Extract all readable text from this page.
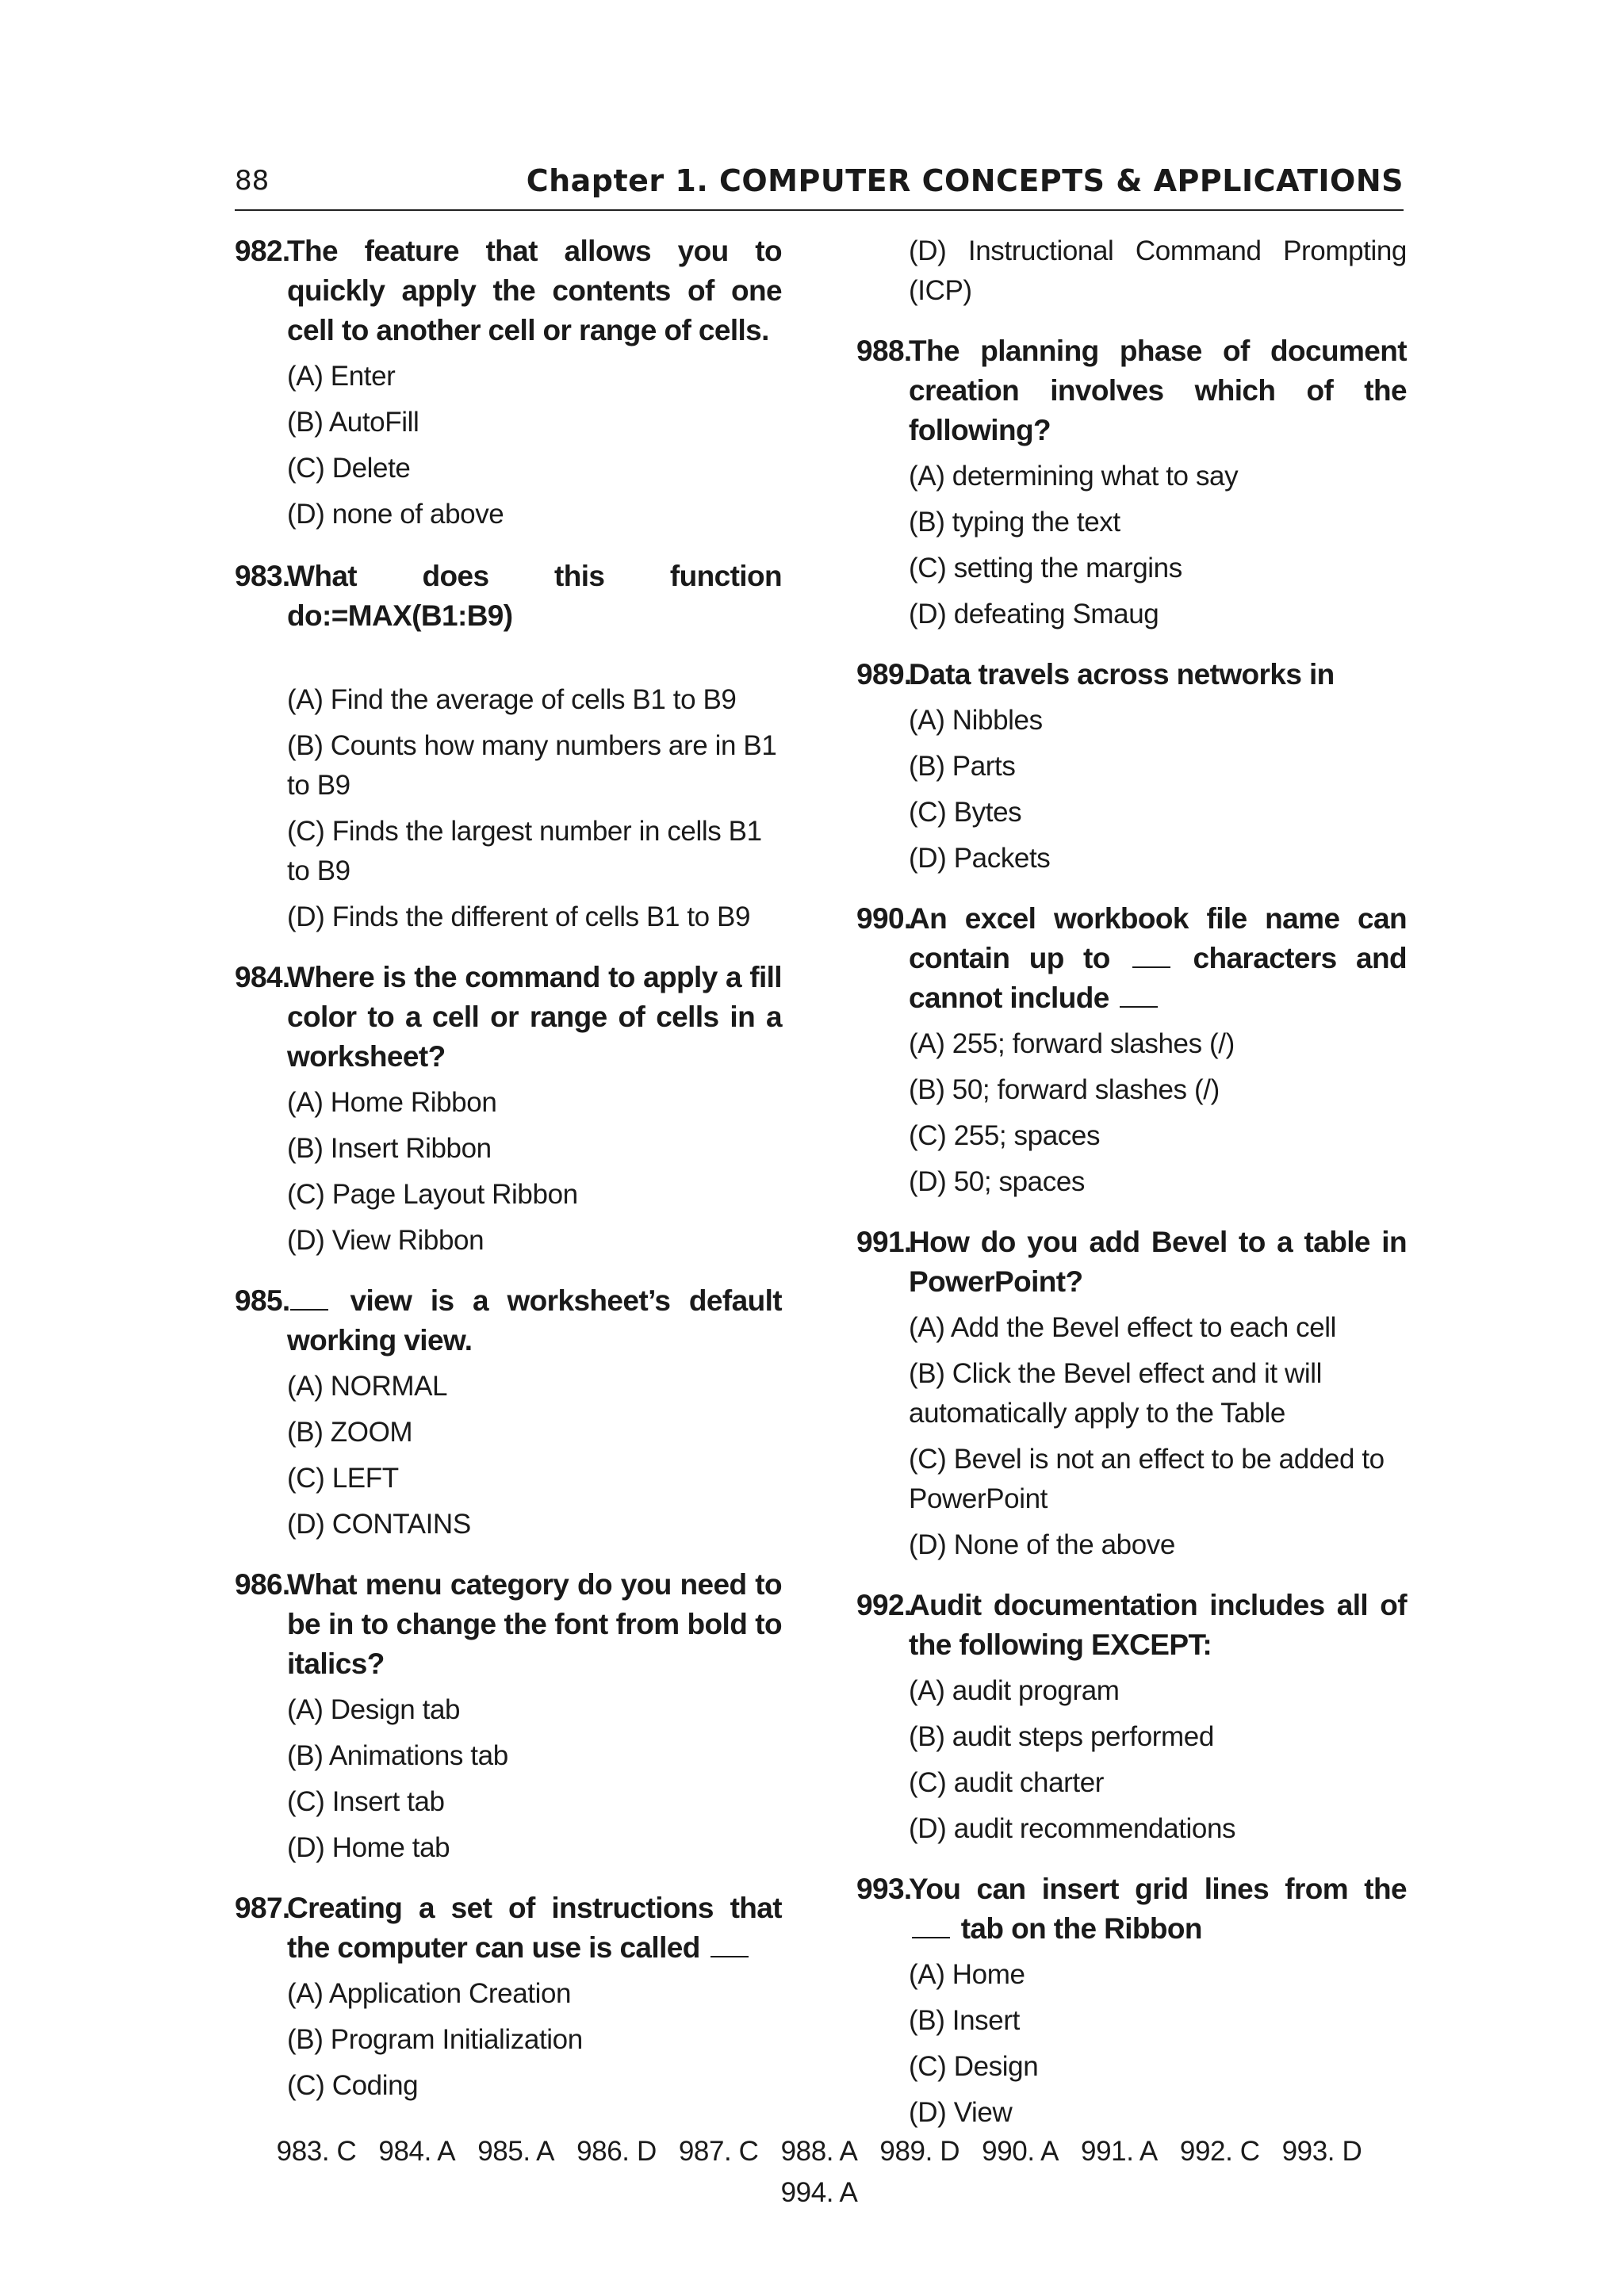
88	Chapter 1. COMPUTER CONCEPTS & APPLICATIONS
982.The feature that allows you to quickly apply the contents of one cell to another cell or range of cells.
(A) Enter
(B) AutoFill
(C) Delete
(D) none of above
983.What does this function do:=MAX(B1:B9)
(A) Find the average of cells B1 to B9
(B) Counts how many numbers are in B1 to B9
(C) Finds the largest number in cells B1 to B9
(D) Finds the different of cells B1 to B9
984.Where is the command to apply a fill color to a cell or range of cells in a worksheet?
(A) Home Ribbon
(B) Insert Ribbon
(C) Page Layout Ribbon
(D) View Ribbon
985. view is a worksheet’s default working view.
(A) NORMAL
(B) ZOOM
(C) LEFT
(D) CONTAINS
986.What menu category do you need to be in to change the font from bold to italics?
(A) Design tab
(B) Animations tab
(C) Insert tab
(D) Home tab
987.Creating a set of instructions that the computer can use is called
(A) Application Creation
(B) Program Initialization
(C) Coding
(D) Instructional Command Prompting (ICP)
988.The planning phase of document creation involves which of the following?
(A) determining what to say
(B) typing the text
(C) setting the margins
(D) defeating Smaug
989.Data travels across networks in
(A) Nibbles
(B) Parts
(C) Bytes
(D) Packets
990.An excel workbook file name can contain up to	characters and cannot include
(A) 255; forward slashes (/)
(B) 50; forward slashes (/)
(C) 255; spaces
(D) 50; spaces
991.How do you add Bevel to a table in PowerPoint?
(A) Add the Bevel effect to each cell
(B) Click the Bevel effect and it will automatically apply to the Table
(C) Bevel is not an effect to be added to PowerPoint
(D) None of the above
992.Audit documentation includes all of the following EXCEPT:
(A) audit program
(B) audit steps performed
(C) audit charter
(D) audit recommendations
993.You can insert grid lines from the  tab on the Ribbon
(A) Home
(B) Insert
(C) Design
(D) View
983. C 984. A 985. A 986. D 987. C 988. A 989. D 990. A 991. A 992. C 993. D
994. A
